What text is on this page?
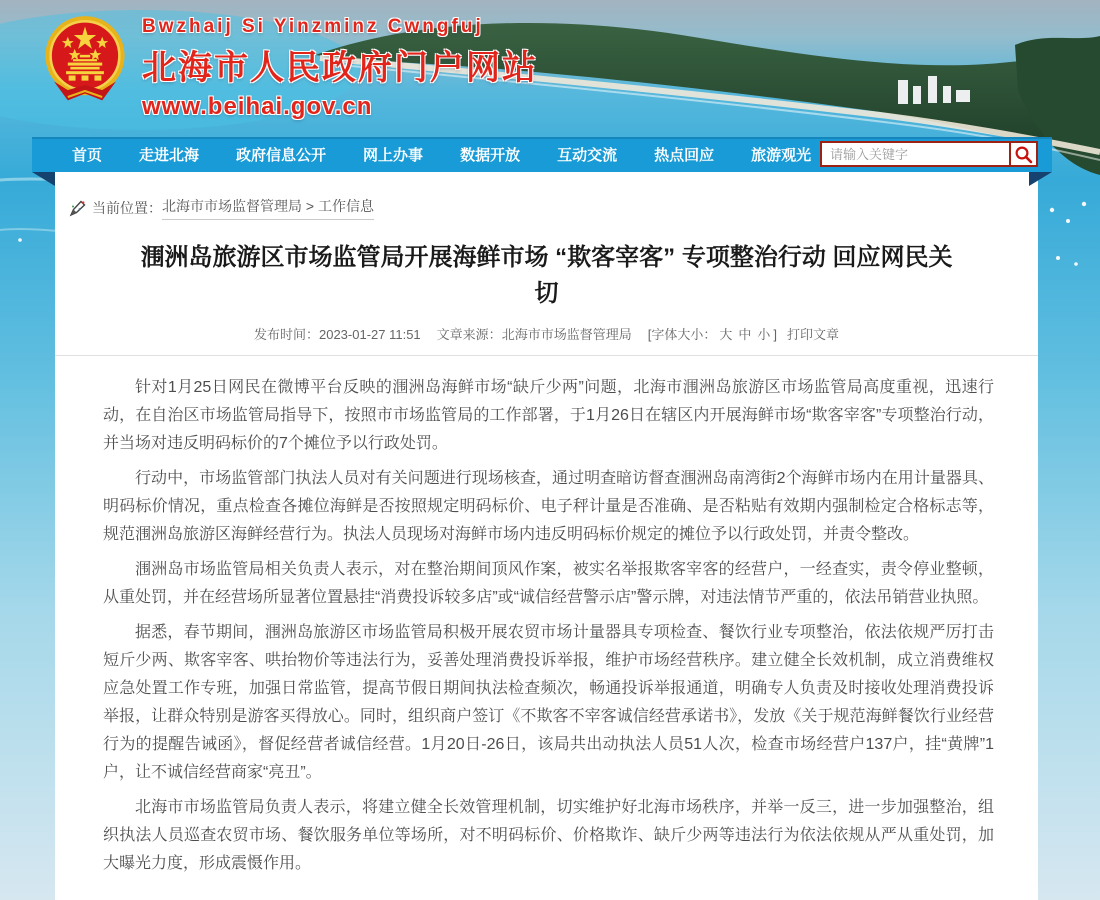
Bwzhaij Si Yinzminz Cwngfuj
北海市人民政府门户网站
www.beihai.gov.cn
首页 走进北海 政府信息公开 网上办事 数据开放 互动交流 热点回应 旅游观光
请输入关键字
当前位置： 北海市市场监督管理局 > 工作信息
涠洲岛旅游区市场监管局开展海鲜市场 “欺客宰客” 专项整治行动 回应网民关切
发布时间：2023-01-27 11:51 文章来源：北海市市场监督管理局 [字体大小： 大 中 小 ] 打印文章

针对1月25日网民在微博平台反映的涠洲岛海鲜市场“缺斤少两”问题，北海市涠洲岛旅游区市场监管局高度重视，迅速行动，在自治区市场监管局指导下，按照市市场监管局的工作部署，于1月26日在辖区内开展海鲜市场“欺客宰客”专项整治行动，并当场对违反明码标价的7个摊位予以行政处罚。

行动中，市场监管部门执法人员对有关问题进行现场核查，通过明查暗访督查涠洲岛南湾街2个海鲜市场内在用计量器具、明码标价情况，重点检查各摊位海鲜是否按照规定明码标价、电子秤计量是否准确、是否粘贴有效期内强制检定合格标志等，规范涠洲岛旅游区海鲜经营行为。执法人员现场对海鲜市场内违反明码标价规定的摊位予以行政处罚，并责令整改。

涠洲岛市场监管局相关负责人表示，对在整治期间顶风作案，被实名举报欺客宰客的经营户，一经查实，责令停业整顿，从重处罚，并在经营场所显著位置悬挂“消费投诉较多店”或“诚信经营警示店”警示牌，对违法情节严重的，依法吊销营业执照。

据悉，春节期间，涠洲岛旅游区市场监管局积极开展农贸市场计量器具专项检查、餐饮行业专项整治，依法依规严厉打击短斤少两、欺客宰客、哄抬物价等违法行为，妥善处理消费投诉举报，维护市场经营秩序。建立健全长效机制，成立消费维权应急处置工作专班，加强日常监管，提高节假日期间执法检查频次，畅通投诉举报通道，明确专人负责及时接收处理消费投诉举报，让群众特别是游客买得放心。同时，组织商户签订《不欺客不宰客诚信经营承诺书》，发放《关于规范海鲜餐饮行业经营行为的提醒告诫函》，督促经营者诚信经营。1月20日-26日，该局共出动执法人员51人次，检查市场经营户137户，挂“黄牌”1户，让不诚信经营商家“亮丑”。

北海市市场监管局负责人表示，将建立健全长效管理机制，切实维护好北海市场秩序，并举一反三，进一步加强整治，组织执法人员巡查农贸市场、餐饮服务单位等场所，对不明码标价、价格欺诈、缺斤少两等违法行为依法依规从严从重处罚，加大曝光力度，形成震慑作用。
